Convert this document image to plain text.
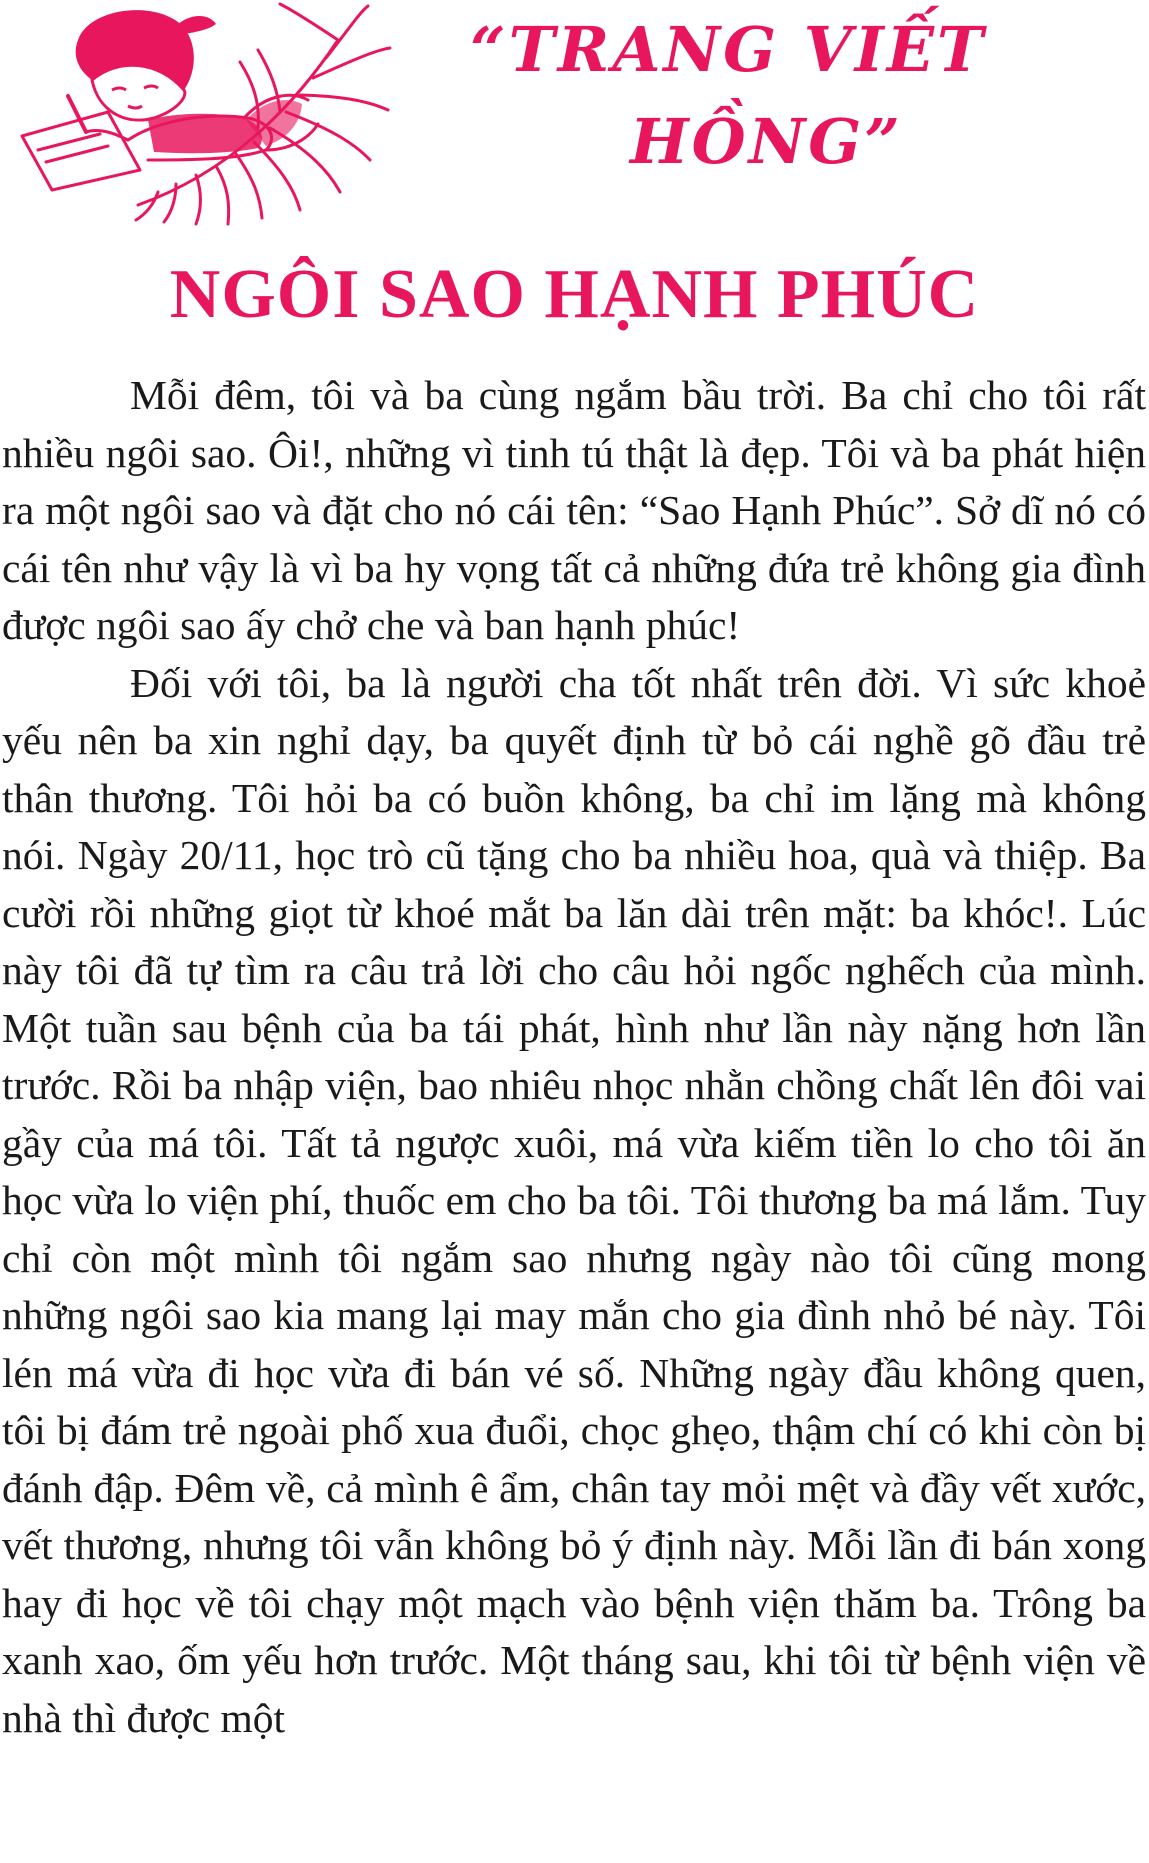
“TRANG VIẾT
HỒNG”
NGÔI SAO HẠNH PHÚC

Mỗi đêm, tôi và ba cùng ngắm bầu trời. Ba chỉ cho tôi rất nhiều ngôi sao. Ôi!, những vì tinh tú thật là đẹp. Tôi và ba phát hiện ra một ngôi sao và đặt cho nó cái tên: “Sao Hạnh Phúc”. Sở dĩ nó có cái tên như vậy là vì ba hy vọng tất cả những đứa trẻ không gia đình được ngôi sao ấy chở che và ban hạnh phúc!

Đối với tôi, ba là người cha tốt nhất trên đời. Vì sức khoẻ yếu nên ba xin nghỉ dạy, ba quyết định từ bỏ cái nghề gõ đầu trẻ thân thương. Tôi hỏi ba có buồn không, ba chỉ im lặng mà không nói. Ngày 20/11, học trò cũ tặng cho ba nhiều hoa, quà và thiệp. Ba cười rồi những giọt từ khoé mắt ba lăn dài trên mặt: ba khóc!. Lúc này tôi đã tự tìm ra câu trả lời cho câu hỏi ngốc nghếch của mình. Một tuần sau bệnh của ba tái phát, hình như lần này nặng hơn lần trước. Rồi ba nhập viện, bao nhiêu nhọc nhằn chồng chất lên đôi vai gầy của má tôi. Tất tả ngược xuôi, má vừa kiếm tiền lo cho tôi ăn học vừa lo viện phí, thuốc em cho ba tôi. Tôi thương ba má lắm. Tuy chỉ còn một mình tôi ngắm sao nhưng ngày nào tôi cũng mong những ngôi sao kia mang lại may mắn cho gia đình nhỏ bé này. Tôi lén má vừa đi học vừa đi bán vé số. Những ngày đầu không quen, tôi bị đám trẻ ngoài phố xua đuổi, chọc ghẹo, thậm chí có khi còn bị đánh đập. Đêm về, cả mình ê ẩm, chân tay mỏi mệt và đầy vết xước, vết thương, nhưng tôi vẫn không bỏ ý định này. Mỗi lần đi bán xong hay đi học về tôi chạy một mạch vào bệnh viện thăm ba. Trông ba xanh xao, ốm yếu hơn trước. Một tháng sau, khi tôi từ bệnh viện về nhà thì được một
